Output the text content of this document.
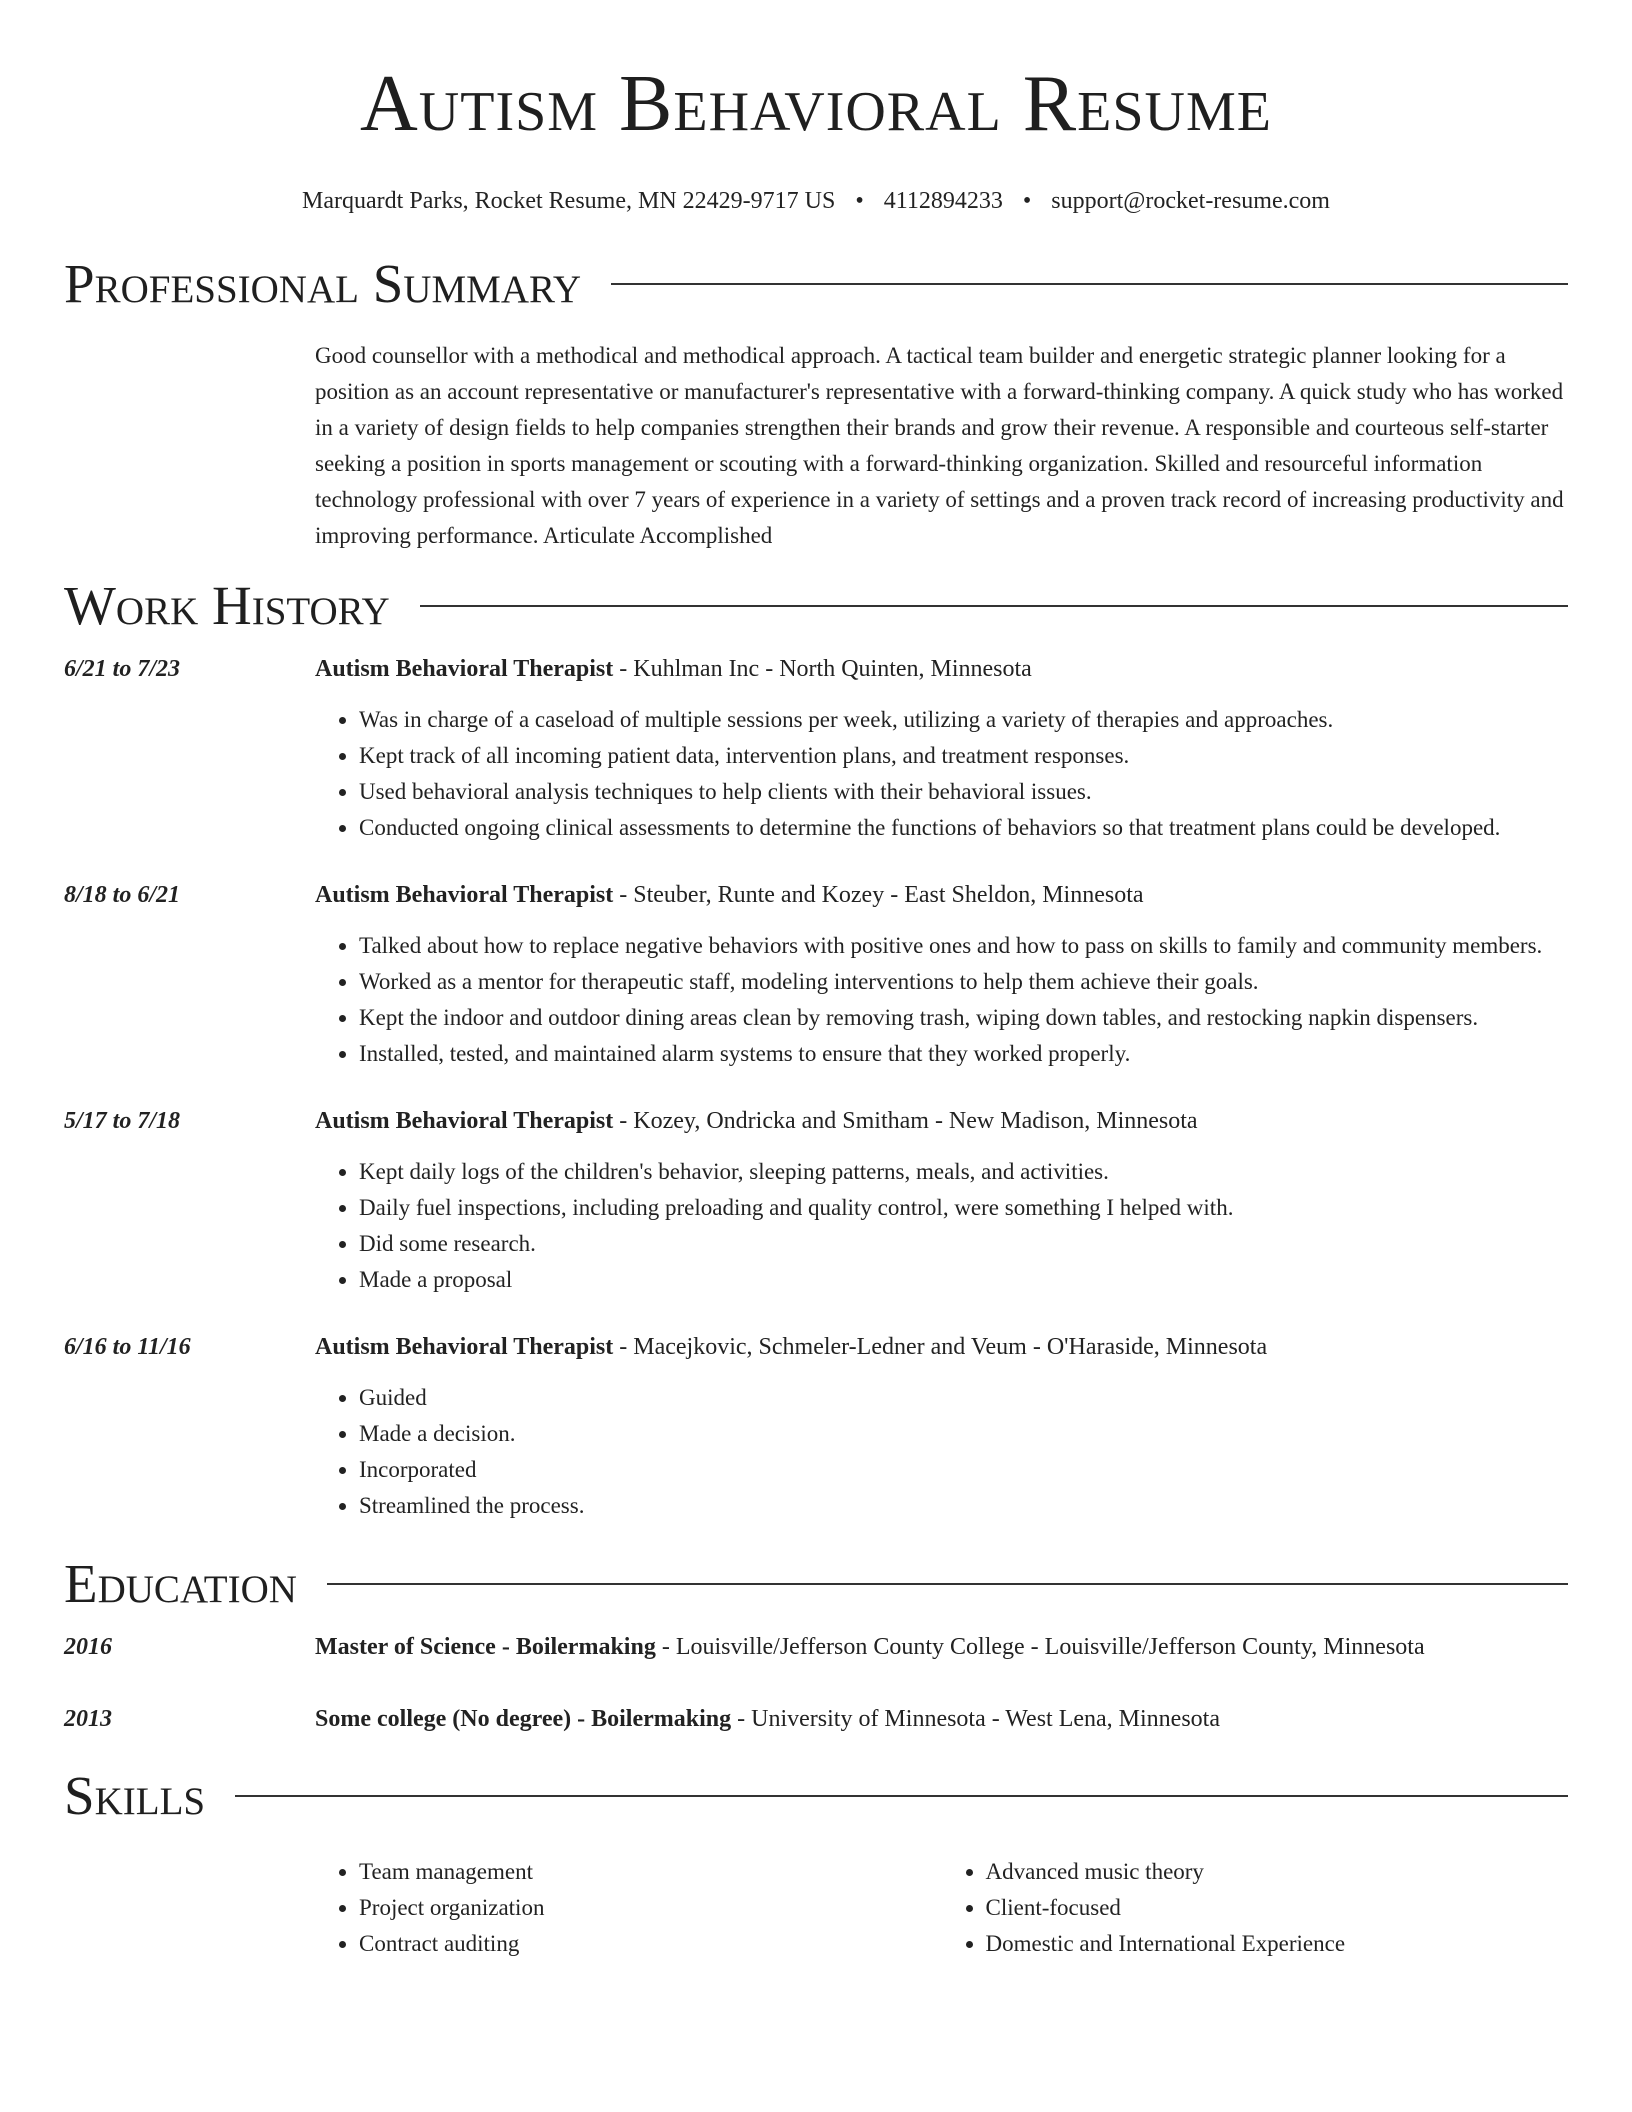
Autism Behavioral Resume
Marquardt Parks, Rocket Resume, MN 22429-9717 US • 4112894233 • support@rocket-resume.com
Professional Summary
Good counsellor with a methodical and methodical approach. A tactical team builder and energetic strategic planner looking for a position as an account representative or manufacturer's representative with a forward-thinking company. A quick study who has worked in a variety of design fields to help companies strengthen their brands and grow their revenue. A responsible and courteous self-starter seeking a position in sports management or scouting with a forward-thinking organization. Skilled and resourceful information technology professional with over 7 years of experience in a variety of settings and a proven track record of increasing productivity and improving performance. Articulate Accomplished
Work History
6/21 to 7/23	Autism Behavioral Therapist - Kuhlman Inc - North Quinten, Minnesota
• Was in charge of a caseload of multiple sessions per week, utilizing a variety of therapies and approaches.
• Kept track of all incoming patient data, intervention plans, and treatment responses.
• Used behavioral analysis techniques to help clients with their behavioral issues.
• Conducted ongoing clinical assessments to determine the functions of behaviors so that treatment plans could be developed.
8/18 to 6/21	Autism Behavioral Therapist - Steuber, Runte and Kozey - East Sheldon, Minnesota
• Talked about how to replace negative behaviors with positive ones and how to pass on skills to family and community members.
• Worked as a mentor for therapeutic staff, modeling interventions to help them achieve their goals.
• Kept the indoor and outdoor dining areas clean by removing trash, wiping down tables, and restocking napkin dispensers.
• Installed, tested, and maintained alarm systems to ensure that they worked properly.
5/17 to 7/18	Autism Behavioral Therapist - Kozey, Ondricka and Smitham - New Madison, Minnesota
• Kept daily logs of the children's behavior, sleeping patterns, meals, and activities.
• Daily fuel inspections, including preloading and quality control, were something I helped with.
• Did some research.
• Made a proposal
6/16 to 11/16	Autism Behavioral Therapist - Macejkovic, Schmeler-Ledner and Veum - O'Haraside, Minnesota
• Guided
• Made a decision.
• Incorporated
• Streamlined the process.
Education
2016	Master of Science - Boilermaking - Louisville/Jefferson County College - Louisville/Jefferson County, Minnesota
2013	Some college (No degree) - Boilermaking - University of Minnesota - West Lena, Minnesota
Skills
• Team management
• Project organization
• Contract auditing
• Advanced music theory
• Client-focused
• Domestic and International Experience
